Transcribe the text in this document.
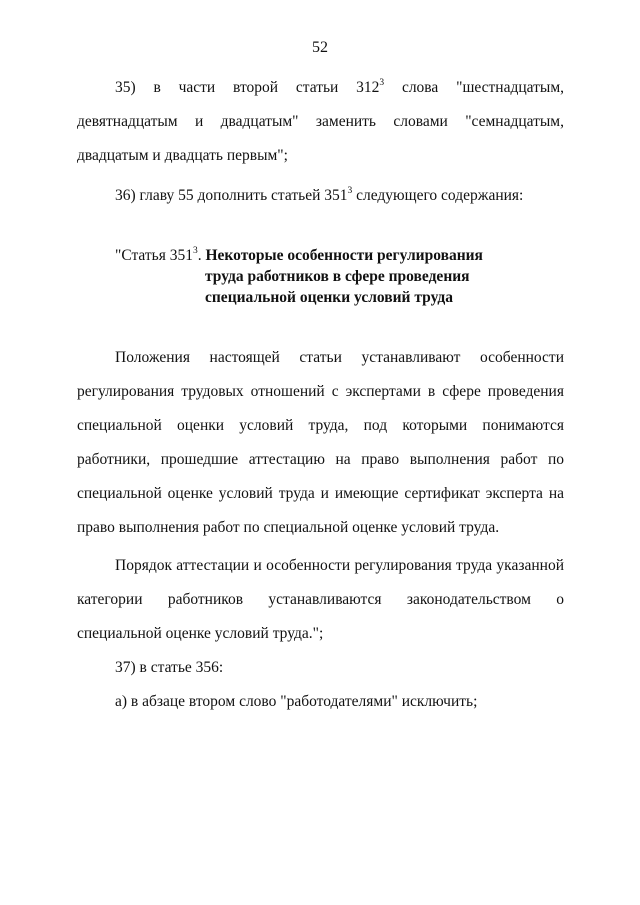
52

35) в части второй статьи $312^3$ слова "шестнадцатым, девятнадцатым и двадцатым" заменить словами "семнадцатым, двадцатым и двадцать первым";

36) главу 55 дополнить статьей $351^3$ следующего содержания:

"Статья $351^3$. Некоторые особенности регулирования
труда работников в сфере проведения
специальной оценки условий труда

Положения настоящей статьи устанавливают особенности регулирования трудовых отношений с экспертами в сфере проведения специальной оценки условий труда, под которыми понимаются работники, прошедшие аттестацию на право выполнения работ по специальной оценке условий труда и имеющие сертификат эксперта на право выполнения работ по специальной оценке условий труда.

Порядок аттестации и особенности регулирования труда указанной категории работников устанавливаются законодательством о специальной оценке условий труда.";

37) в статье 356:

а) в абзаце втором слово "работодателями" исключить;
